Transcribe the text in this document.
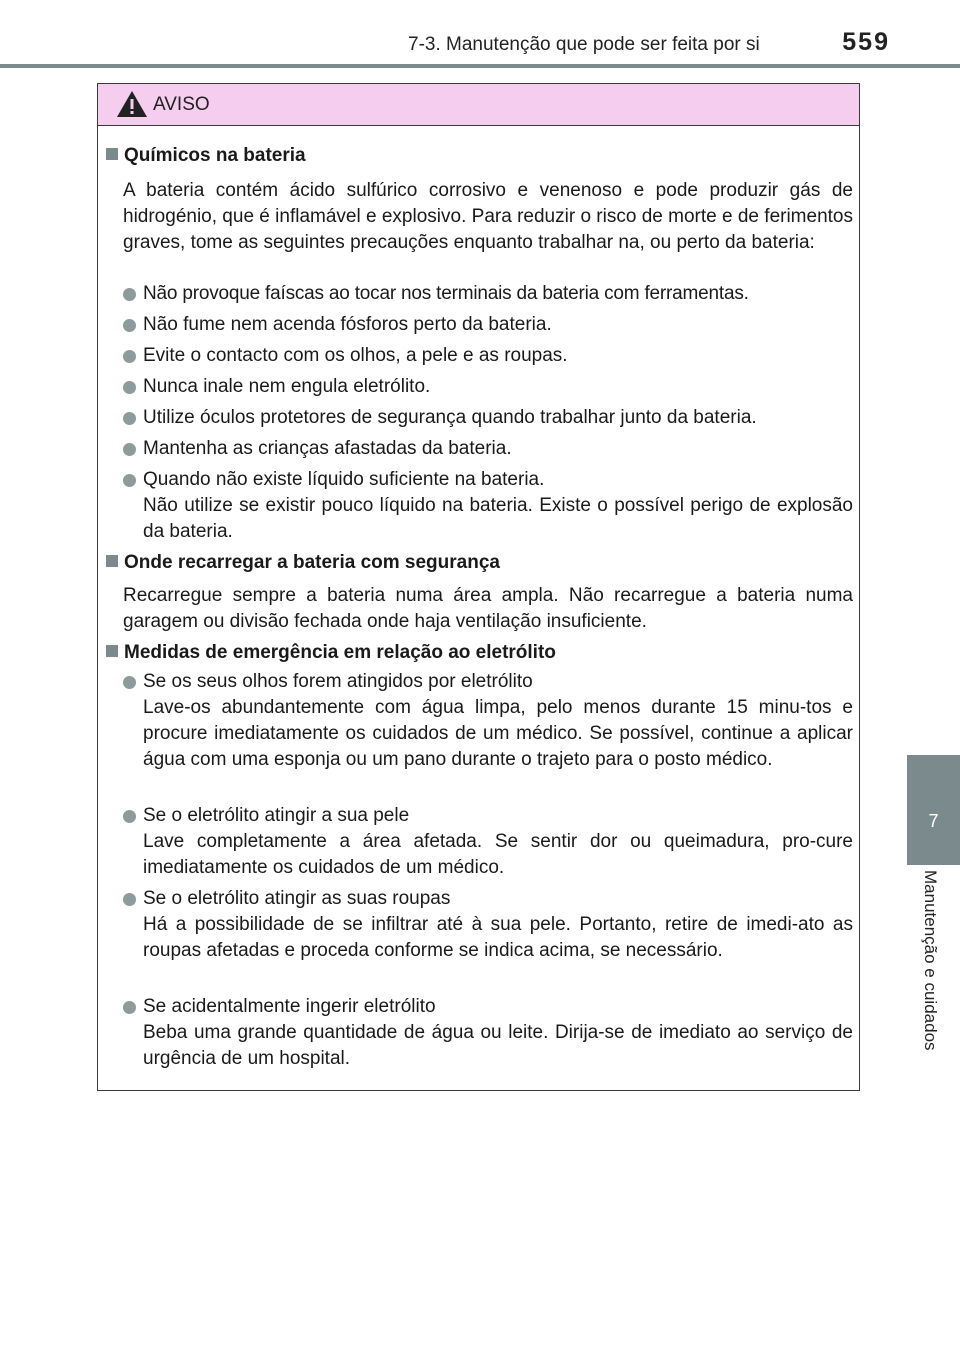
7-3. Manutenção que pode ser feita por si	559
7
Manutenção e cuidados
AVISO
Químicos na bateria
A bateria contém ácido sulfúrico corrosivo e venenoso e pode produzir gás de hidrogénio, que é inflamável e explosivo. Para reduzir o risco de morte e de ferimentos graves, tome as seguintes precauções enquanto trabalhar na, ou perto da bateria:
Não provoque faíscas ao tocar nos terminais da bateria com ferramentas.
Não fume nem acenda fósforos perto da bateria.
Evite o contacto com os olhos, a pele e as roupas.
Nunca inale nem engula eletrólito.
Utilize óculos protetores de segurança quando trabalhar junto da bateria.
Mantenha as crianças afastadas da bateria.
Quando não existe líquido suficiente na bateria.
Não utilize se existir pouco líquido na bateria. Existe o possível perigo de explosão da bateria.
Onde recarregar a bateria com segurança
Recarregue sempre a bateria numa área ampla. Não recarregue a bateria numa garagem ou divisão fechada onde haja ventilação insuficiente.
Medidas de emergência em relação ao eletrólito
Se os seus olhos forem atingidos por eletrólito
Lave-os abundantemente com água limpa, pelo menos durante 15 minu-tos e procure imediatamente os cuidados de um médico. Se possível, continue a aplicar água com uma esponja ou um pano durante o trajeto para o posto médico.
Se o eletrólito atingir a sua pele
Lave completamente a área afetada. Se sentir dor ou queimadura, pro-cure imediatamente os cuidados de um médico.
Se o eletrólito atingir as suas roupas
Há a possibilidade de se infiltrar até à sua pele. Portanto, retire de imedi-ato as roupas afetadas e proceda conforme se indica acima, se necessário.
Se acidentalmente ingerir eletrólito
Beba uma grande quantidade de água ou leite. Dirija-se de imediato ao serviço de urgência de um hospital.
